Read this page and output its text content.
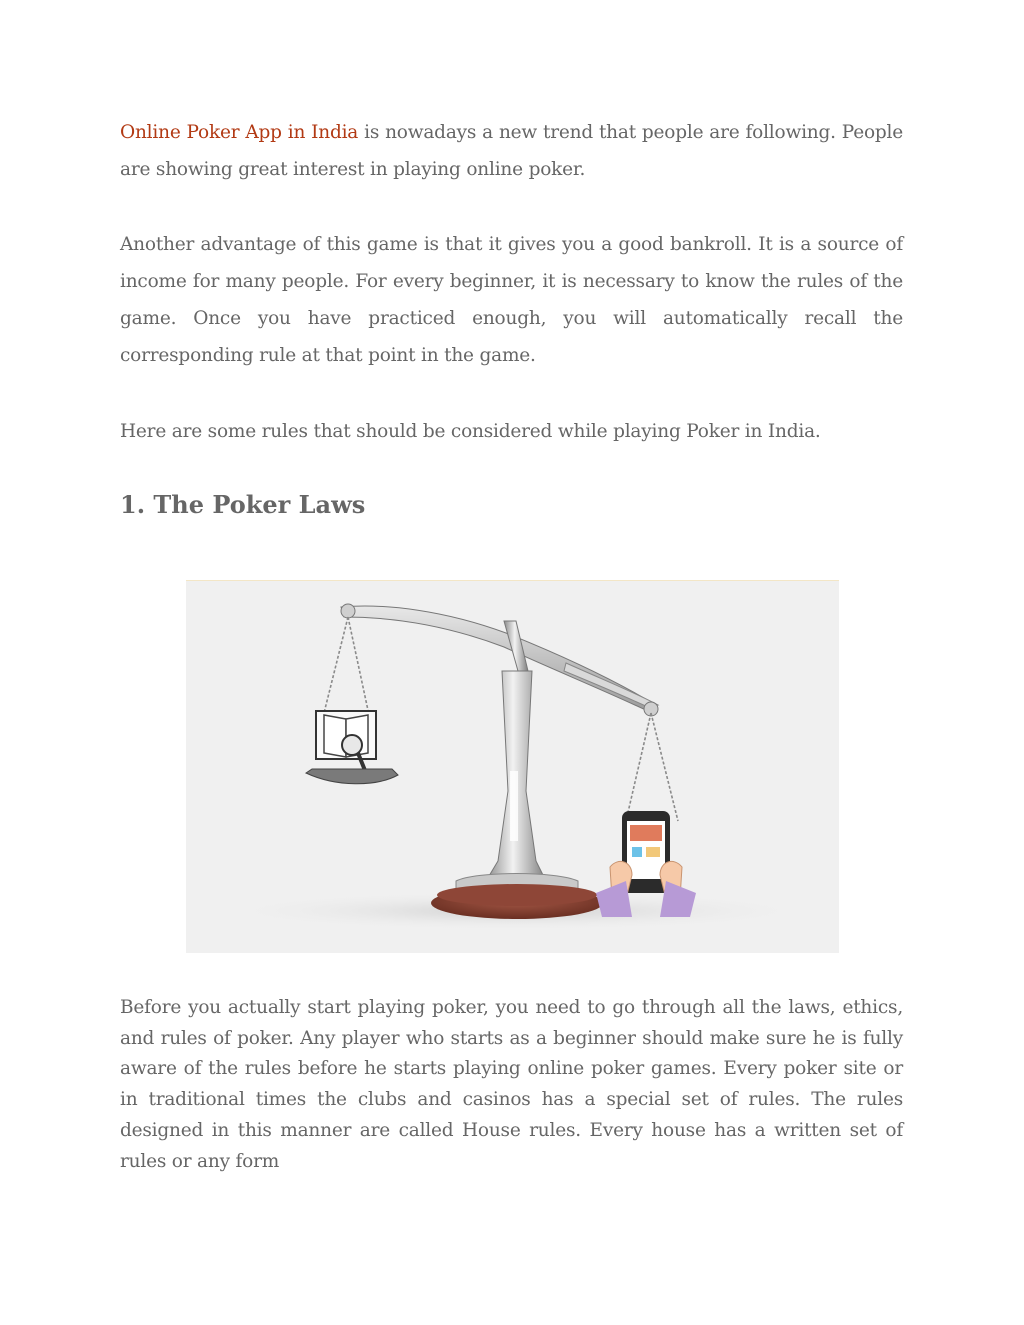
Online Poker App in India is nowadays a new trend that people are following. People are showing great interest in playing online poker.

Another advantage of this game is that it gives you a good bankroll. It is a source of income for many people. For every beginner, it is necessary to know the rules of the game. Once you have practiced enough, you will automatically recall the corresponding rule at that point in the game.

Here are some rules that should be considered while playing Poker in India.

1. The Poker Laws

Before you actually start playing poker, you need to go through all the laws, ethics, and rules of poker. Any player who starts as a beginner should make sure he is fully aware of the rules before he starts playing online poker games. Every poker site or in traditional times the clubs and casinos has a special set of rules. The rules designed in this manner are called House rules. Every house has a written set of rules or any form
